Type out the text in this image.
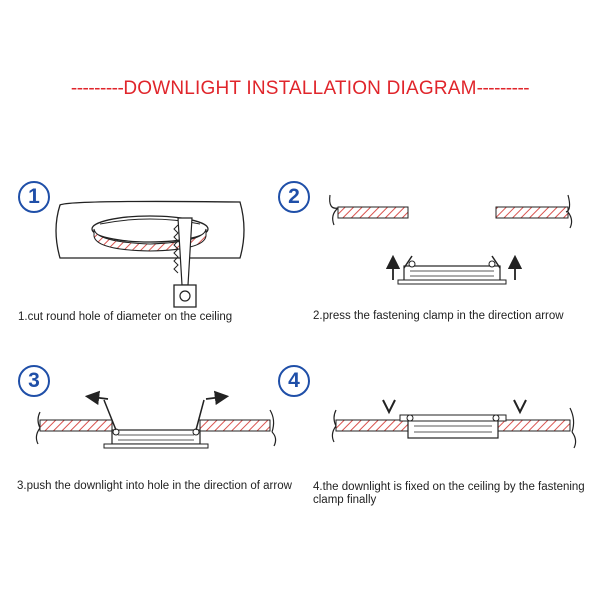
---------DOWNLIGHT INSTALLATION DIAGRAM---------
1	2
3	4
1.cut round hole of diameter on the ceiling	2.press the fastening clamp in the direction arrow
3.push the downlight into hole in the direction of arrow	4.the downlight is fixed on the ceiling by the fastening clamp finally
